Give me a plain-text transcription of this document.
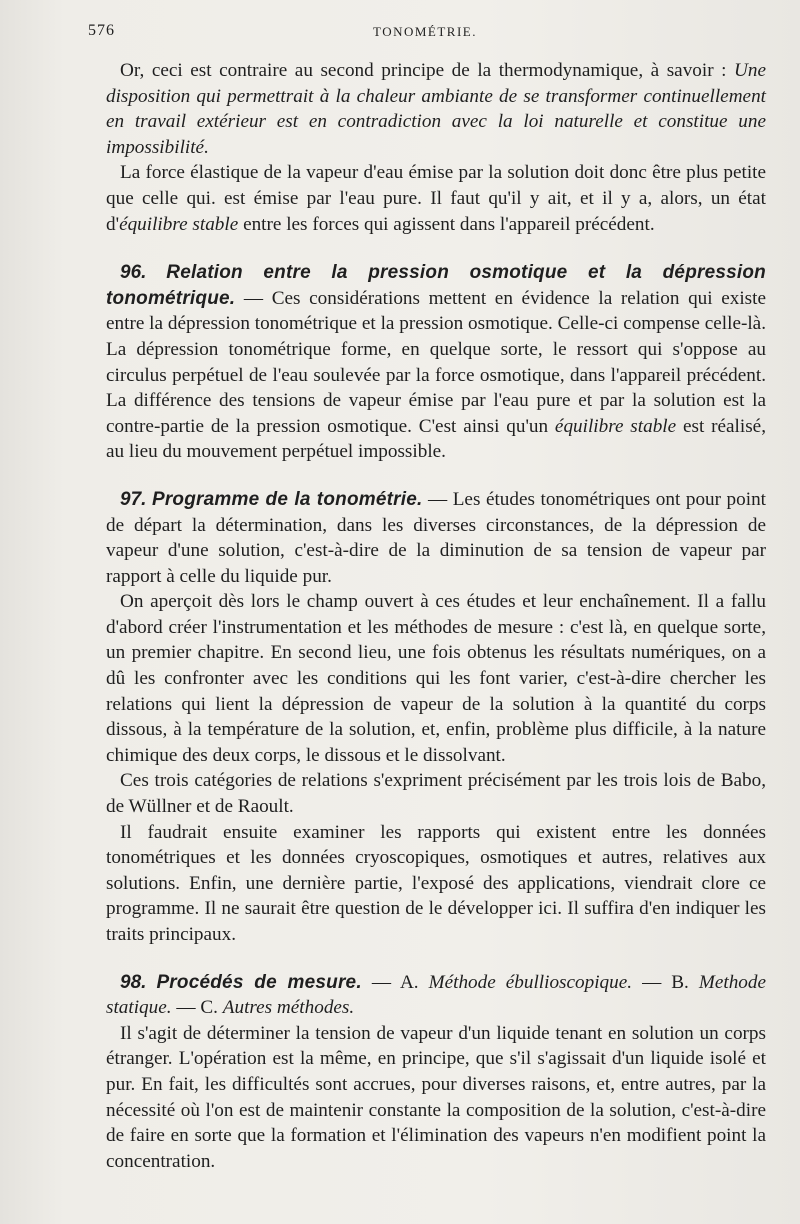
576	TONOMÉTRIE.

Or, ceci est contraire au second principe de la thermodynamique, à savoir : Une disposition qui permettrait à la chaleur ambiante de se transformer continuellement en travail extérieur est en contradiction avec la loi naturelle et constitue une impossibilité.

La force élastique de la vapeur d'eau émise par la solution doit donc être plus petite que celle qui. est émise par l'eau pure. Il faut qu'il y ait, et il y a, alors, un état d'équilibre stable entre les forces qui agissent dans l'appareil précédent.

96. Relation entre la pression osmotique et la dépression tonométrique. — Ces considérations mettent en évidence la relation qui existe entre la dépression tonométrique et la pression osmotique. Celle-ci compense celle-là. La dépression tonométrique forme, en quelque sorte, le ressort qui s'oppose au circulus perpétuel de l'eau soulevée par la force osmotique, dans l'appareil précédent. La différence des tensions de vapeur émise par l'eau pure et par la solution est la contre-partie de la pression osmotique. C'est ainsi qu'un équilibre stable est réalisé, au lieu du mouvement perpétuel impossible.

97. Programme de la tonométrie. — Les études tonométriques ont pour point de départ la détermination, dans les diverses circonstances, de la dépression de vapeur d'une solution, c'est-à-dire de la diminution de sa tension de vapeur par rapport à celle du liquide pur.

On aperçoit dès lors le champ ouvert à ces études et leur enchaînement. Il a fallu d'abord créer l'instrumentation et les méthodes de mesure : c'est là, en quelque sorte, un premier chapitre. En second lieu, une fois obtenus les résultats numériques, on a dû les confronter avec les conditions qui les font varier, c'est-à-dire chercher les relations qui lient la dépression de vapeur de la solution à la quantité du corps dissous, à la température de la solution, et, enfin, problème plus difficile, à la nature chimique des deux corps, le dissous et le dissolvant.

Ces trois catégories de relations s'expriment précisément par les trois lois de Babo, de Wüllner et de Raoult.

Il faudrait ensuite examiner les rapports qui existent entre les données tonométriques et les données cryoscopiques, osmotiques et autres, relatives aux solutions. Enfin, une dernière partie, l'exposé des applications, viendrait clore ce programme. Il ne saurait être question de le développer ici. Il suffira d'en indiquer les traits principaux.

98. Procédés de mesure. — A. Méthode ébullioscopique. — B. Methode statique. — C. Autres méthodes.

Il s'agit de déterminer la tension de vapeur d'un liquide tenant en solution un corps étranger. L'opération est la même, en principe, que s'il s'agissait d'un liquide isolé et pur. En fait, les difficultés sont accrues, pour diverses raisons, et, entre autres, par la nécessité où l'on est de maintenir constante la composition de la solution, c'est-à-dire de faire en sorte que la formation et l'élimination des vapeurs n'en modifient point la concentration.
